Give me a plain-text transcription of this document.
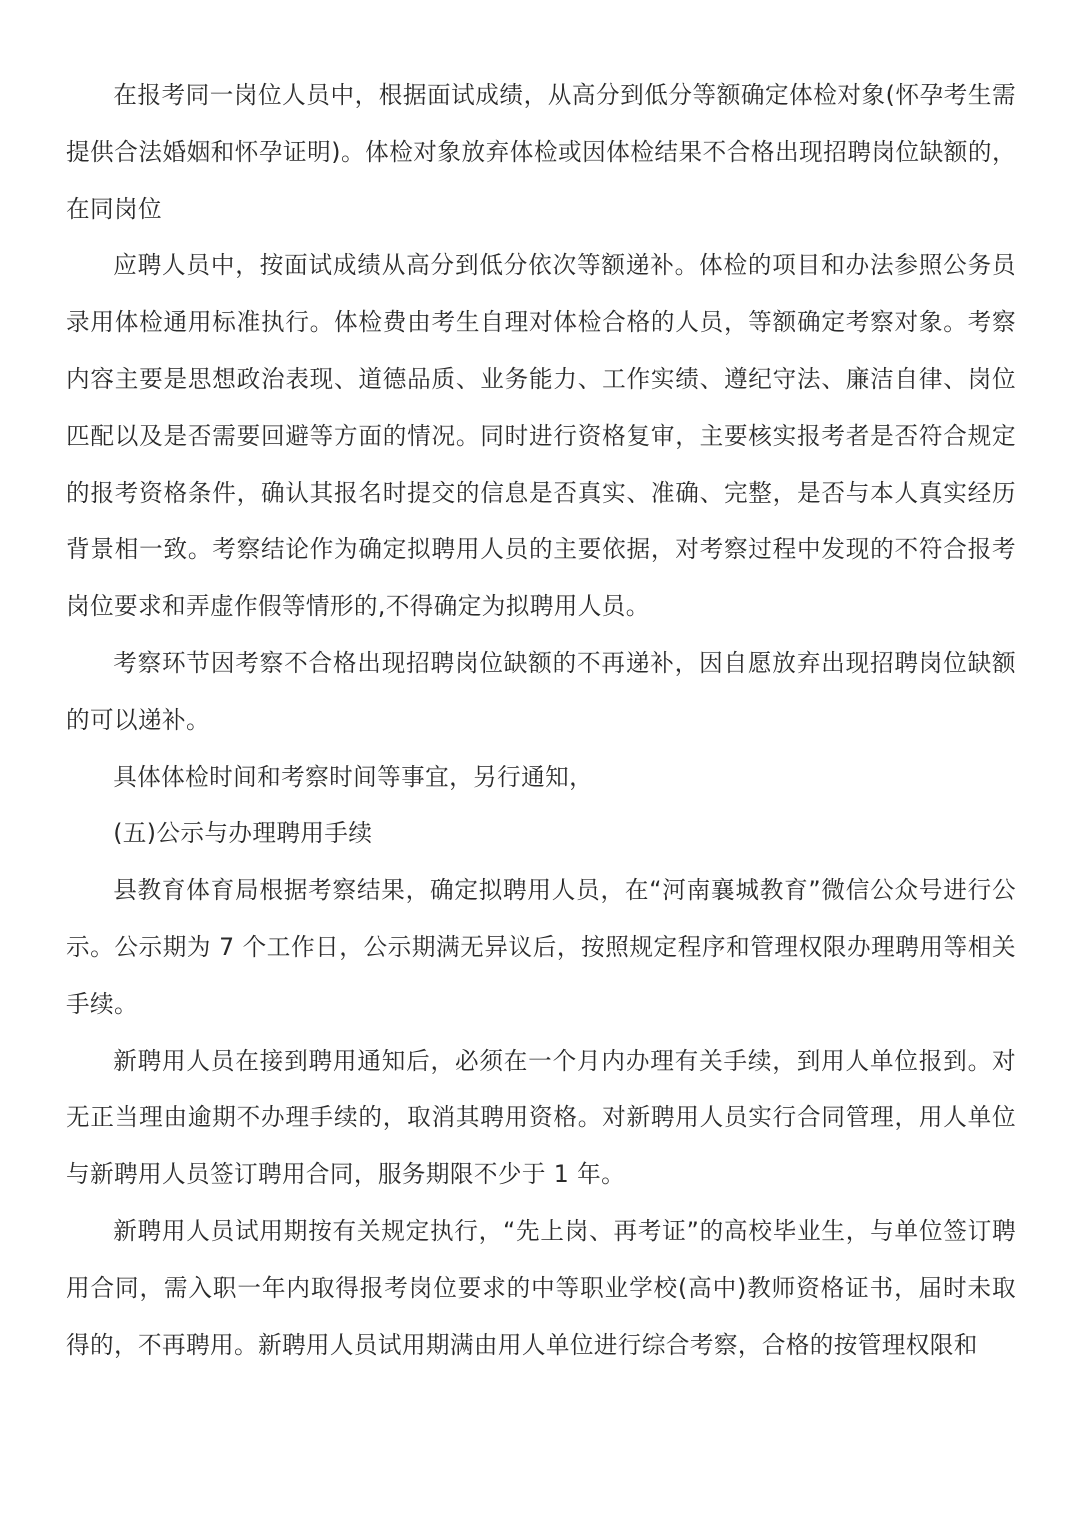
在报考同一岗位人员中，根据面试成绩，从高分到低分等额确定体检对象(怀孕考生需提供合法婚姻和怀孕证明)。体检对象放弃体检或因体检结果不合格出现招聘岗位缺额的，在同岗位

应聘人员中，按面试成绩从高分到低分依次等额递补。体检的项目和办法参照公务员录用体检通用标准执行。体检费由考生自理对体检合格的人员，等额确定考察对象。考察内容主要是思想政治表现、道德品质、业务能力、工作实绩、遵纪守法、廉洁自律、岗位匹配以及是否需要回避等方面的情况。同时进行资格复审，主要核实报考者是否符合规定的报考资格条件，确认其报名时提交的信息是否真实、准确、完整，是否与本人真实经历背景相一致。考察结论作为确定拟聘用人员的主要依据，对考察过程中发现的不符合报考岗位要求和弄虚作假等情形的,不得确定为拟聘用人员。

考察环节因考察不合格出现招聘岗位缺额的不再递补，因自愿放弃出现招聘岗位缺额的可以递补。

具体体检时间和考察时间等事宜，另行通知，

(五)公示与办理聘用手续

县教育体育局根据考察结果，确定拟聘用人员，在“河南襄城教育”微信公众号进行公示。公示期为 7 个工作日，公示期满无异议后，按照规定程序和管理权限办理聘用等相关手续。

新聘用人员在接到聘用通知后，必须在一个月内办理有关手续，到用人单位报到。对无正当理由逾期不办理手续的，取消其聘用资格。对新聘用人员实行合同管理，用人单位与新聘用人员签订聘用合同，服务期限不少于 1 年。

新聘用人员试用期按有关规定执行，“先上岗、再考证”的高校毕业生，与单位签订聘用合同，需入职一年内取得报考岗位要求的中等职业学校(高中)教师资格证书，届时未取得的，不再聘用。新聘用人员试用期满由用人单位进行综合考察，合格的按管理权限和
